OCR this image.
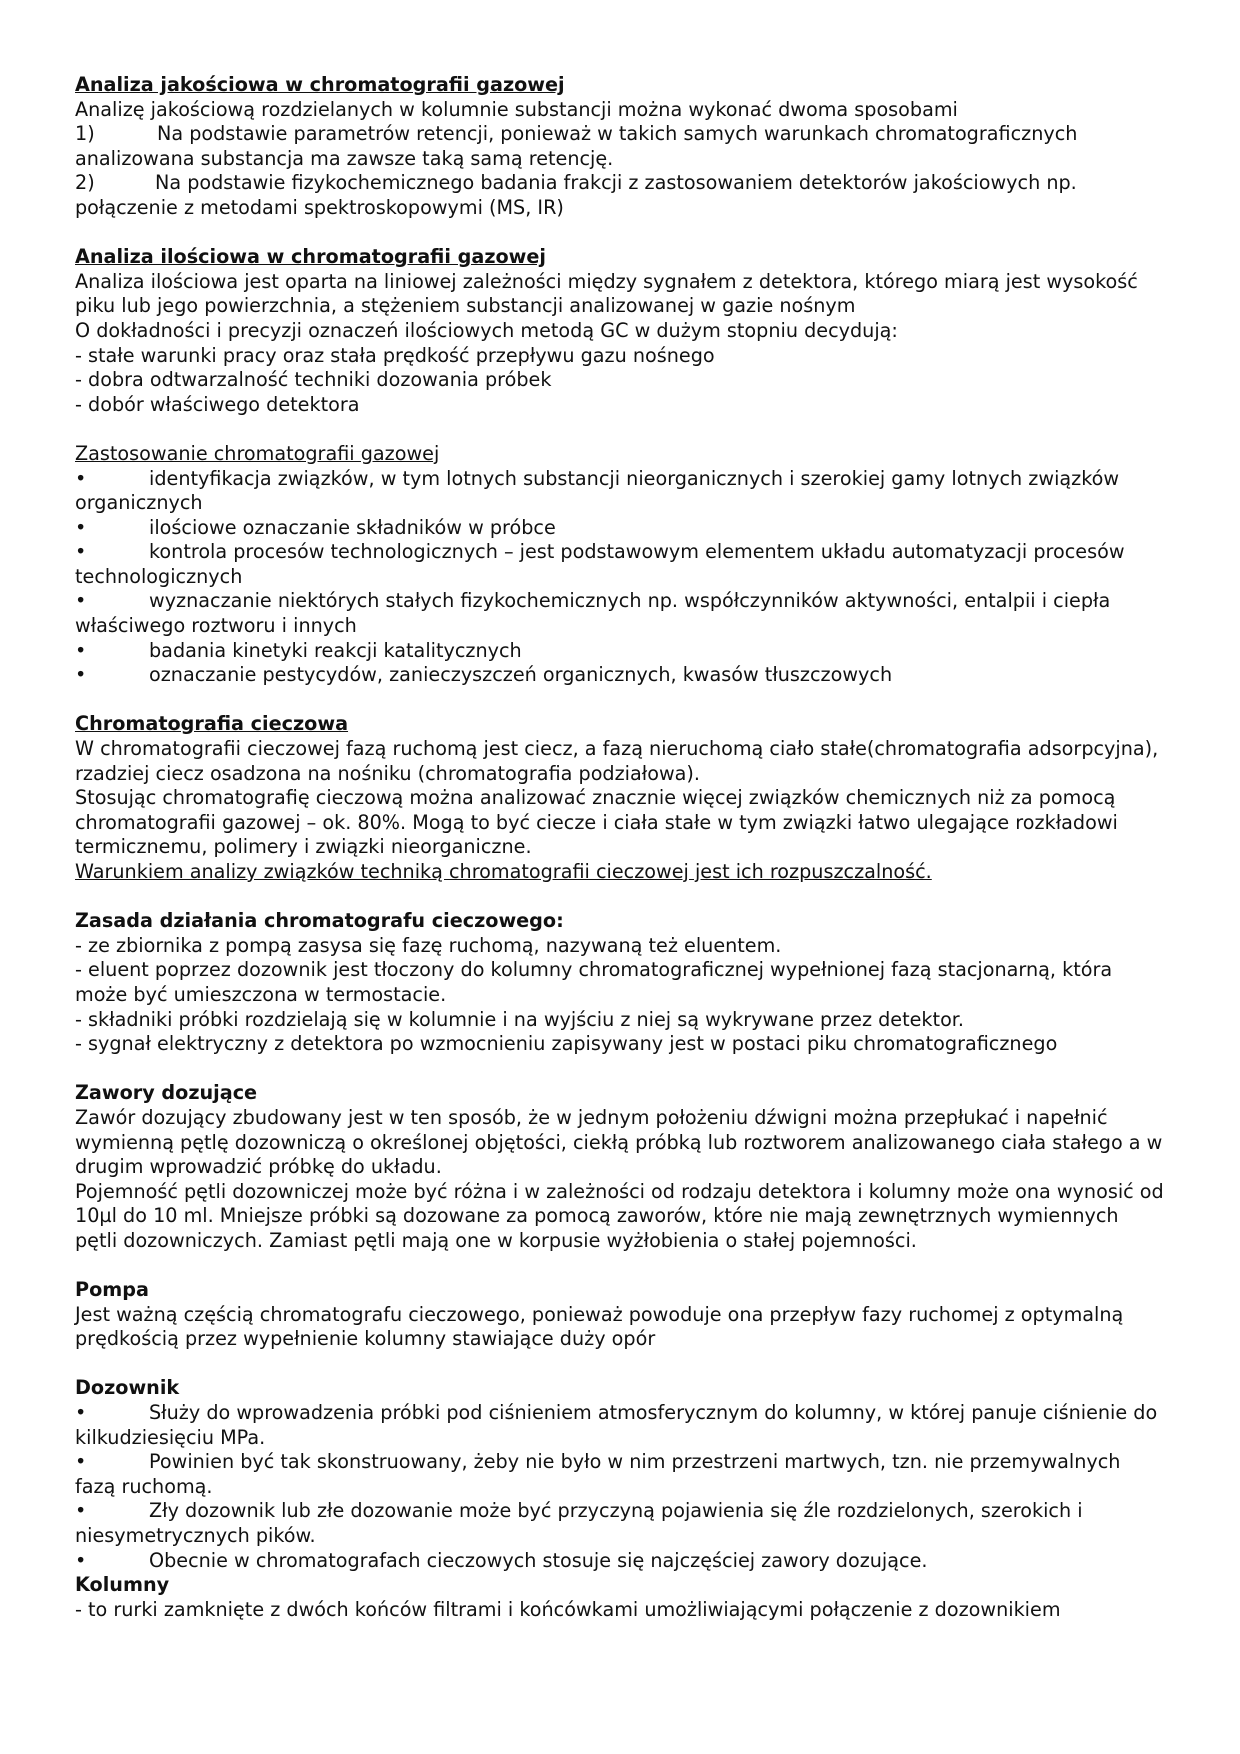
Analiza jakościowa w chromatografii gazowej

Analizę jakościową rozdzielanych w kolumnie substancji można wykonać dwoma sposobami

1)	Na podstawie parametrów retencji, ponieważ w takich samych warunkach chromatograficznych analizowana substancja ma zawsze taką samą retencję.

2)	Na podstawie fizykochemicznego badania frakcji z zastosowaniem detektorów jakościowych np. połączenie z metodami spektroskopowymi (MS, IR)

Analiza ilościowa w chromatografii gazowej

Analiza ilościowa jest oparta na liniowej zależności między sygnałem z detektora, którego miarą jest wysokość piku lub jego powierzchnia, a stężeniem substancji analizowanej w gazie nośnym

O dokładności i precyzji oznaczeń ilościowych metodą GC w dużym stopniu decydują:

- stałe warunki pracy oraz stała prędkość przepływu gazu nośnego

- dobra odtwarzalność techniki dozowania próbek

- dobór właściwego detektora

Zastosowanie chromatografii gazowej

•	identyfikacja związków, w tym lotnych substancji nieorganicznych i szerokiej gamy lotnych związków organicznych

•	ilościowe oznaczanie składników w próbce

•	kontrola procesów technologicznych – jest podstawowym elementem układu automatyzacji procesów technologicznych

•	wyznaczanie niektórych stałych fizykochemicznych np. współczynników aktywności, entalpii i ciepła właściwego roztworu i innych

•	badania kinetyki reakcji katalitycznych

•	oznaczanie pestycydów, zanieczyszczeń organicznych, kwasów tłuszczowych

Chromatografia cieczowa

W chromatografii cieczowej fazą ruchomą jest ciecz, a fazą nieruchomą ciało stałe(chromatografia adsorpcyjna), rzadziej ciecz osadzona na nośniku (chromatografia podziałowa).

Stosując chromatografię cieczową można analizować znacznie więcej związków chemicznych niż za pomocą chromatografii gazowej – ok. 80%. Mogą to być ciecze i ciała stałe w tym związki łatwo ulegające rozkładowi termicznemu, polimery i związki nieorganiczne.

Warunkiem analizy związków techniką chromatografii cieczowej jest ich rozpuszczalność.

Zasada działania chromatografu cieczowego:

- ze zbiornika z pompą zasysa się fazę ruchomą, nazywaną też eluentem.

- eluent poprzez dozownik jest tłoczony do kolumny chromatograficznej wypełnionej fazą stacjonarną, która może być umieszczona w termostacie.

- składniki próbki rozdzielają się w kolumnie i na wyjściu z niej są wykrywane przez detektor.

- sygnał elektryczny z detektora po wzmocnieniu zapisywany jest w postaci piku chromatograficznego

Zawory dozujące

Zawór dozujący zbudowany jest w ten sposób, że w jednym położeniu dźwigni można przepłukać i napełnić wymienną pętlę dozowniczą o określonej objętości, ciekłą próbką lub roztworem analizowanego ciała stałego a w drugim wprowadzić próbkę do układu.

Pojemność pętli dozowniczej może być różna i w zależności od rodzaju detektora i kolumny może ona wynosić od 10µl do 10 ml. Mniejsze próbki są dozowane za pomocą zaworów, które nie mają zewnętrznych wymiennych pętli dozowniczych. Zamiast pętli mają one w korpusie wyżłobienia o stałej pojemności.

Pompa

Jest ważną częścią chromatografu cieczowego, ponieważ powoduje ona przepływ fazy ruchomej z optymalną prędkością przez wypełnienie kolumny stawiające duży opór

Dozownik

•	Służy do wprowadzenia próbki pod ciśnieniem atmosferycznym do kolumny, w której panuje ciśnienie do kilkudziesięciu MPa.

•	Powinien być tak skonstruowany, żeby nie było w nim przestrzeni martwych, tzn. nie przemywalnych fazą ruchomą.

•	Zły dozownik lub złe dozowanie może być przyczyną pojawienia się źle rozdzielonych, szerokich i niesymetrycznych pików.

•	Obecnie w chromatografach cieczowych stosuje się najczęściej zawory dozujące.

Kolumny

- to rurki zamknięte z dwóch końców filtrami i końcówkami umożliwiającymi połączenie z dozownikiem
